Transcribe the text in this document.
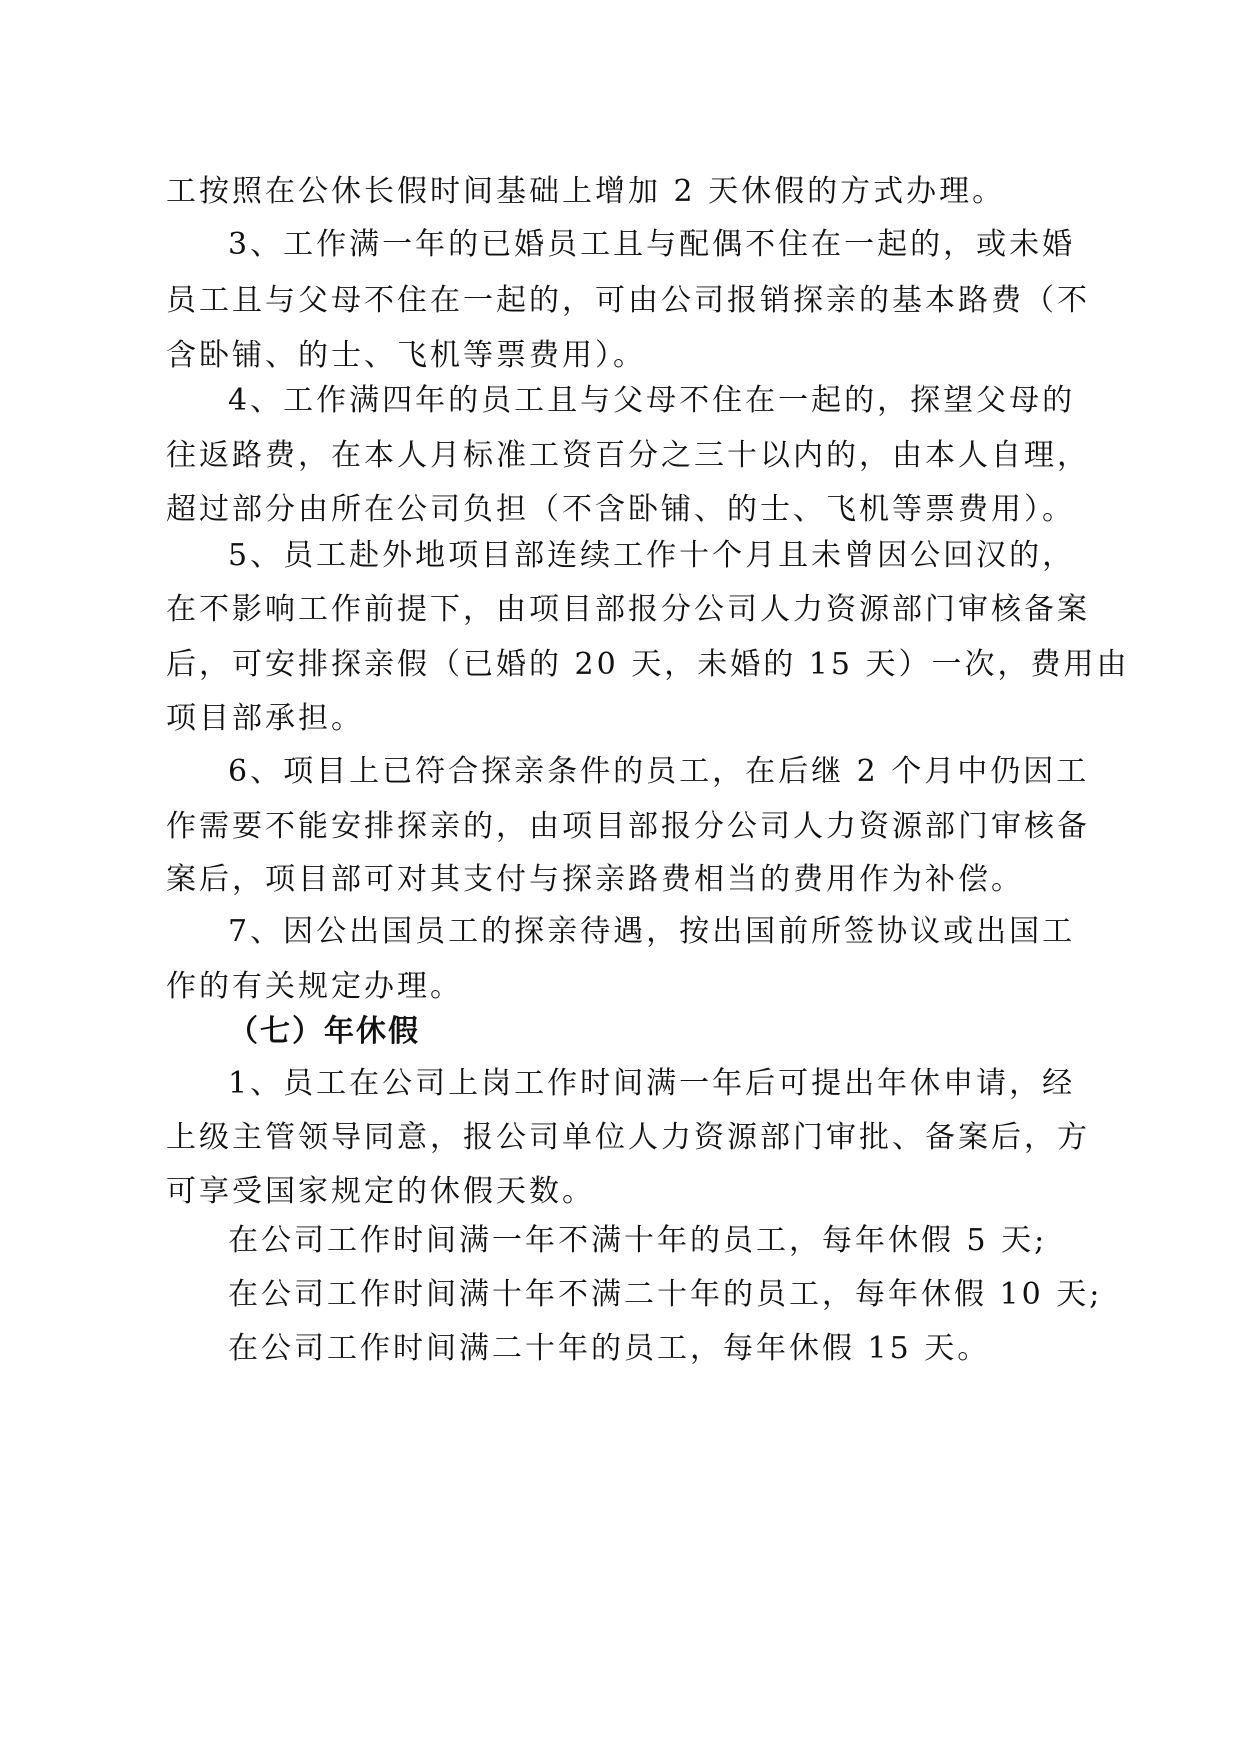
工按照在公休长假时间基础上增加 2 天休假的方式办理。
3、工作满一年的已婚员工且与配偶不住在一起的，或未婚
员工且与父母不住在一起的，可由公司报销探亲的基本路费（不
含卧铺、的士、飞机等票费用）。
4、工作满四年的员工且与父母不住在一起的，探望父母的
往返路费，在本人月标准工资百分之三十以内的，由本人自理，
超过部分由所在公司负担（不含卧铺、的士、飞机等票费用）。
5、员工赴外地项目部连续工作十个月且未曾因公回汉的，
在不影响工作前提下，由项目部报分公司人力资源部门审核备案
后，可安排探亲假（已婚的 20 天，未婚的 15 天）一次，费用由
项目部承担。
6、项目上已符合探亲条件的员工，在后继 2 个月中仍因工
作需要不能安排探亲的，由项目部报分公司人力资源部门审核备
案后，项目部可对其支付与探亲路费相当的费用作为补偿。
7、因公出国员工的探亲待遇，按出国前所签协议或出国工
作的有关规定办理。
（七）年休假
1、员工在公司上岗工作时间满一年后可提出年休申请，经
上级主管领导同意，报公司单位人力资源部门审批、备案后，方
可享受国家规定的休假天数。
在公司工作时间满一年不满十年的员工，每年休假 5 天;
在公司工作时间满十年不满二十年的员工，每年休假 10 天;
在公司工作时间满二十年的员工，每年休假 15 天。
